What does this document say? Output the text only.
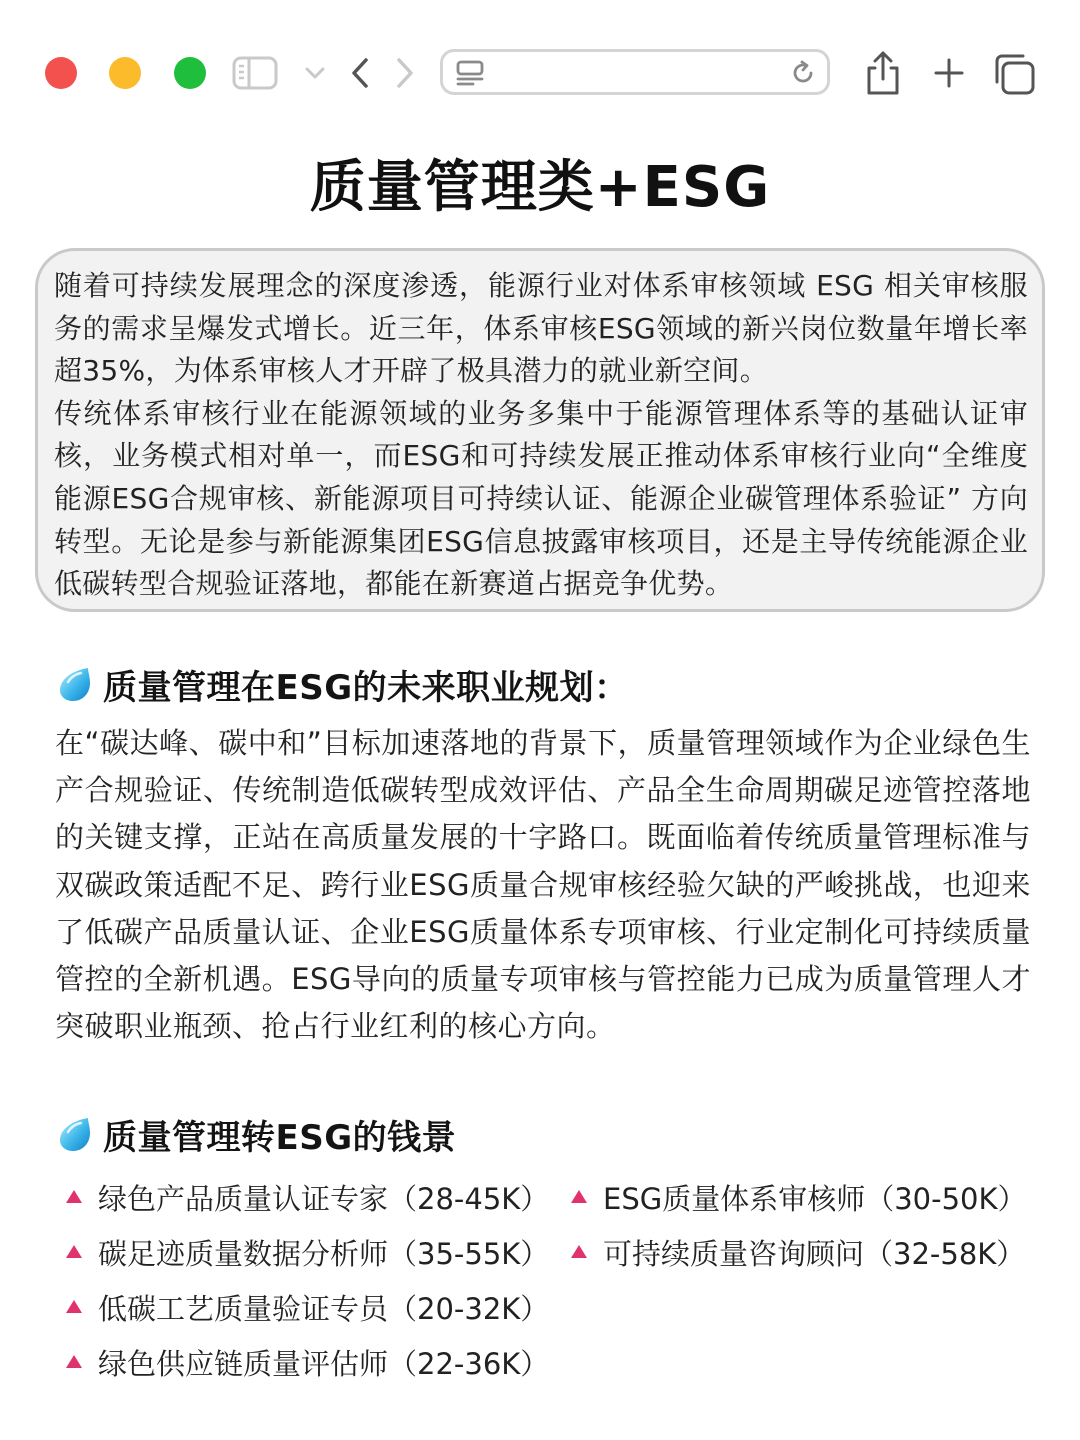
质量管理类+ESG

随着可持续发展理念的深度渗透，能源行业对体系审核领域 ESG 相关审核服务的需求呈爆发式增长。近三年，体系审核ESG领域的新兴岗位数量年增长率超35%，为体系审核人才开辟了极具潜力的就业新空间。

传统体系审核行业在能源领域的业务多集中于能源管理体系等的基础认证审核，业务模式相对单一，而ESG和可持续发展正推动体系审核行业向“全维度能源ESG合规审核、新能源项目可持续认证、能源企业碳管理体系验证” 方向转型。无论是参与新能源集团ESG信息披露审核项目，还是主导传统能源企业低碳转型合规验证落地，都能在新赛道占据竞争优势。

质量管理在ESG的未来职业规划：

在“碳达峰、碳中和”目标加速落地的背景下，质量管理领域作为企业绿色生产合规验证、传统制造低碳转型成效评估、产品全生命周期碳足迹管控落地的关键支撑，正站在高质量发展的十字路口。既面临着传统质量管理标准与双碳政策适配不足、跨行业ESG质量合规审核经验欠缺的严峻挑战，也迎来了低碳产品质量认证、企业ESG质量体系专项审核、行业定制化可持续质量管控的全新机遇。ESG导向的质量专项审核与管控能力已成为质量管理人才突破职业瓶颈、抢占行业红利的核心方向。

质量管理转ESG的钱景
绿色产品质量认证专家（28-45K）
碳足迹质量数据分析师（35-55K）
低碳工艺质量验证专员（20-32K）
绿色供应链质量评估师（22-36K）
ESG质量体系审核师（30-50K）
可持续质量咨询顾问（32-58K）
